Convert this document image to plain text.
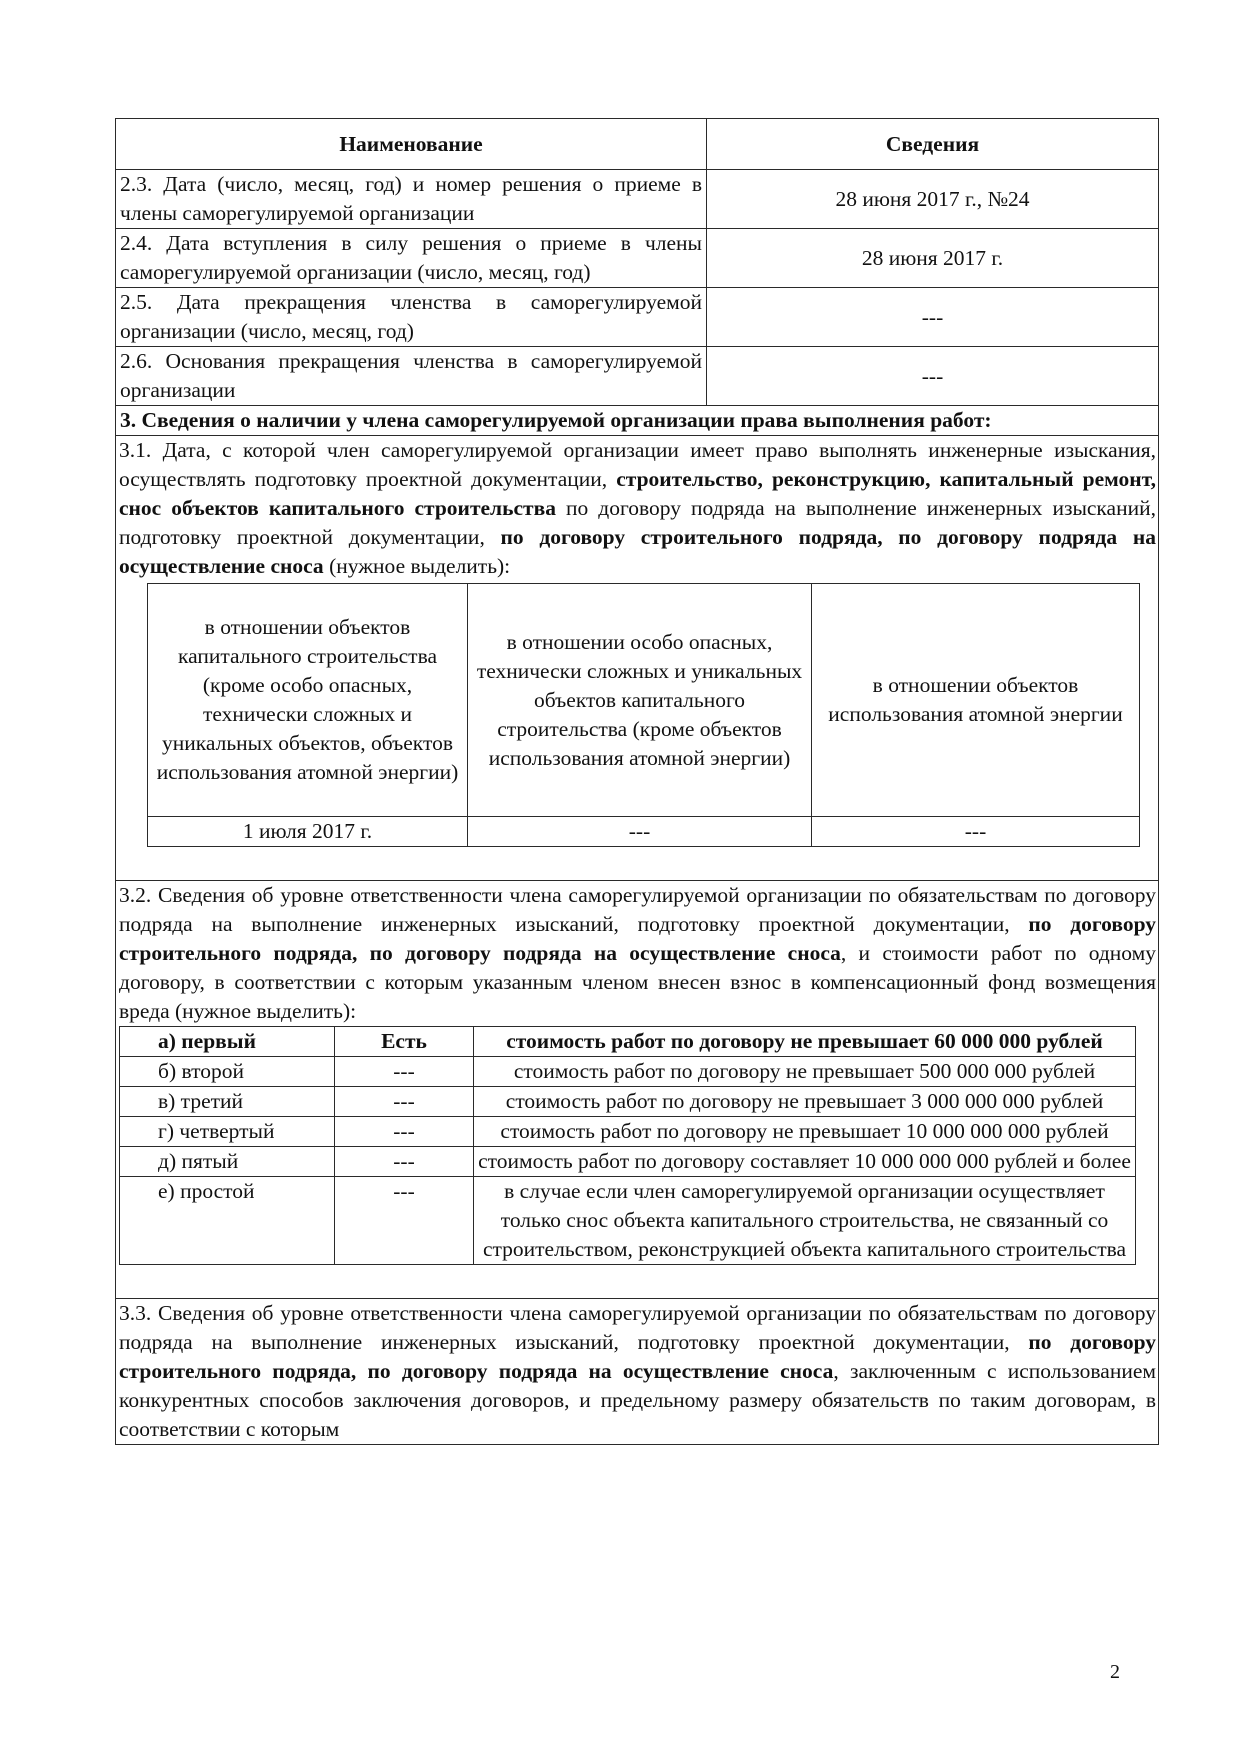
Наименование	Сведения
2.3. Дата (число, месяц, год) и номер решения о приеме в члены саморегулируемой организации	28 июня 2017 г., №24
2.4. Дата вступления в силу решения о приеме в члены саморегулируемой организации (число, месяц, год)	28 июня 2017 г.
2.5. Дата прекращения членства в саморегулируемой организации (число, месяц, год)	---
2.6. Основания прекращения членства в саморегулируемой организации	---
3. Сведения о наличии у члена саморегулируемой организации права выполнения работ:

3.1. Дата, с которой член саморегулируемой организации имеет право выполнять инженерные изыскания, осуществлять подготовку проектной документации, строительство, реконструкцию, капитальный ремонт, снос объектов капитального строительства по договору подряда на выполнение инженерных изысканий, подготовку проектной документации, по договору строительного подряда, по договору подряда на осуществление сноса (нужное выделить):
в отношении объектов капитального строительства (кроме особо опасных, технически сложных и уникальных объектов, объектов использования атомной энергии)	в отношении особо опасных, технически сложных и уникальных объектов капитального строительства (кроме объектов использования атомной энергии)	в отношении объектов использования атомной энергии
1 июля 2017 г.	---	---

3.2. Сведения об уровне ответственности члена саморегулируемой организации по обязательствам по договору подряда на выполнение инженерных изысканий, подготовку проектной документации, по договору строительного подряда, по договору подряда на осуществление сноса, и стоимости работ по одному договору, в соответствии с которым указанным членом внесен взнос в компенсационный фонд возмещения вреда (нужное выделить):
а) первый	Есть	стоимость работ по договору не превышает 60 000 000 рублей
б) второй	---	стоимость работ по договору не превышает 500 000 000 рублей
в) третий	---	стоимость работ по договору не превышает 3 000 000 000 рублей
г) четвертый	---	стоимость работ по договору не превышает 10 000 000 000 рублей
д) пятый	---	стоимость работ по договору составляет 10 000 000 000 рублей и более
е) простой	---	в случае если член саморегулируемой организации осуществляет только снос объекта капитального строительства, не связанный со строительством, реконструкцией объекта капитального строительства

3.3. Сведения об уровне ответственности члена саморегулируемой организации по обязательствам по договору подряда на выполнение инженерных изысканий, подготовку проектной документации, по договору строительного подряда, по договору подряда на осуществление сноса, заключенным с использованием конкурентных способов заключения договоров, и предельному размеру обязательств по таким договорам, в соответствии с которым
2
